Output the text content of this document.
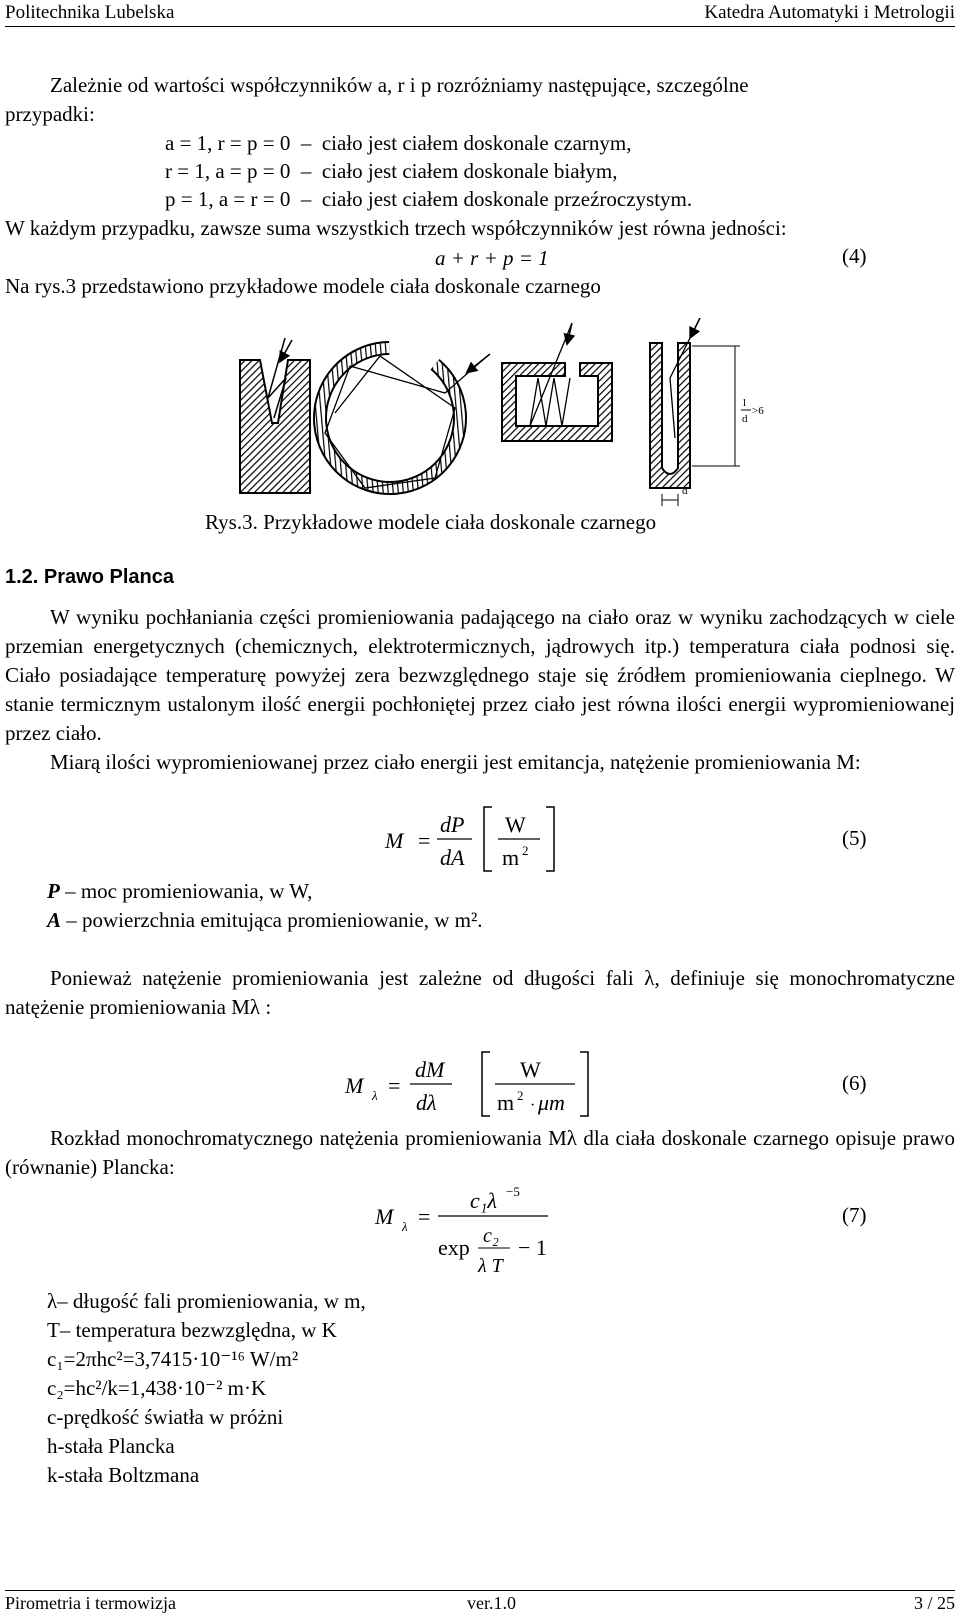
Politechnika Lubelska	Katedra Automatyki i Metrologii
Zależnie od wartości współczynników a, r i p rozróżniamy następujące, szczególne
przypadki:
a = 1, r = p = 0  –  ciało jest ciałem doskonale czarnym,
r = 1, a = p = 0  –  ciało jest ciałem doskonale białym,
p = 1, a = r = 0  –  ciało jest ciałem doskonale przeźroczystym.
W każdym przypadku, zawsze suma wszystkich trzech współczynników jest równa jedności:
a + r + p = 1	(4)
Na rys.3 przedstawiono przykładowe modele ciała doskonale czarnego
d
l
d
>6
Rys.3. Przykładowe modele ciała doskonale czarnego
1.2. Prawo Planca

W wyniku pochłaniania części promieniowania padającego na ciało oraz w wyniku zachodzących w ciele przemian energetycznych (chemicznych, elektrotermicznych, jądrowych itp.) temperatura ciała podnosi się. Ciało posiadające temperaturę powyżej zera bezwzględnego staje się źródłem promieniowania cieplnego. W stanie termicznym ustalonym ilość energii pochłoniętej przez ciało jest równa ilości energii wypromieniowanej przez ciało.

Miarą ilości wypromieniowanej przez ciało energii jest emitancja, natężenie promieniowania M:

M =
dP
dA
W
m 2
(5)
P – moc promieniowania, w W,
A – powierzchnia emitująca promieniowanie, w m².

Ponieważ natężenie promieniowania jest zależne od długości fali λ, definiuje się monochromatyczne natężenie promieniowania Mλ :

M λ =
dM
dλ
W
m 2
· μm
(6)

Rozkład monochromatycznego natężenia promieniowania Mλ dla ciała doskonale czarnego opisuje prawo (równanie) Plancka:

M λ =
c₁λ −5
exp c₂
λ T
− 1
(7)
λ– długość fali promieniowania, w m,
T– temperatura bezwzględna, w K
c₁=2πhc²=3,7415·10⁻¹⁶ W/m²
c₂=hc²/k=1,438·10⁻² m·K
c-prędkość światła w próżni
h-stała Plancka
k-stała Boltzmana
Pirometria i termowizja	ver.1.0	3 / 25
